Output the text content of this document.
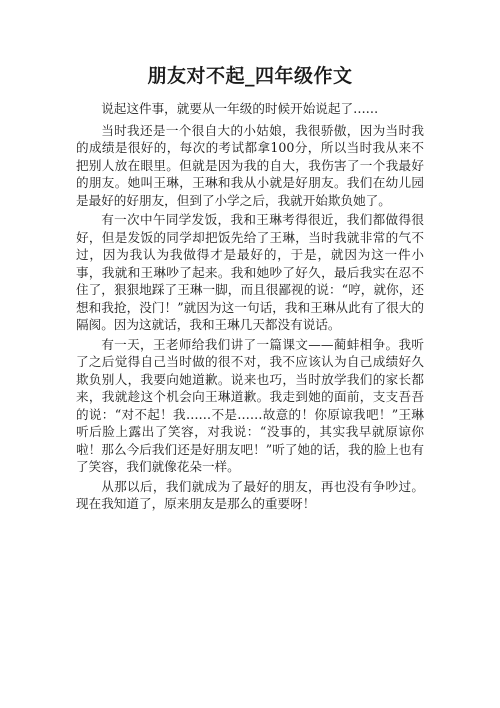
朋友对不起_四年级作文

说起这件事，就要从一年级的时候开始说起了……

当时我还是一个很自大的小姑娘，我很骄傲，因为当时我的成绩是很好的，每次的考试都拿100分，所以当时我从来不把别人放在眼里。但就是因为我的自大，我伤害了一个我最好的朋友。她叫王琳，王琳和我从小就是好朋友。我们在幼儿园是最好的好朋友，但到了小学之后，我就开始欺负她了。

有一次中午同学发饭，我和王琳考得很近，我们都做得很好，但是发饭的同学却把饭先给了王琳，当时我就非常的气不过，因为我认为我做得才是最好的，于是，就因为这一件小事，我就和王琳吵了起来。我和她吵了好久，最后我实在忍不住了，狠狠地踩了王琳一脚，而且很鄙视的说：“哼，就你，还想和我抢，没门！”就因为这一句话，我和王琳从此有了很大的隔阂。因为这就话，我和王琳几天都没有说话。

有一天，王老师给我们讲了一篇课文——蔺蚌相争。我听了之后觉得自己当时做的很不对，我不应该认为自己成绩好久欺负别人，我要向她道歉。说来也巧，当时放学我们的家长都来，我就趁这个机会向王琳道歉。我走到她的面前，支支吾吾的说：“对不起！我……不是……故意的！你原谅我吧！”王琳听后脸上露出了笑容，对我说：“没事的，其实我早就原谅你啦！那么今后我们还是好朋友吧！”听了她的话，我的脸上也有了笑容，我们就像花朵一样。

从那以后，我们就成为了最好的朋友，再也没有争吵过。现在我知道了，原来朋友是那么的重要呀！
